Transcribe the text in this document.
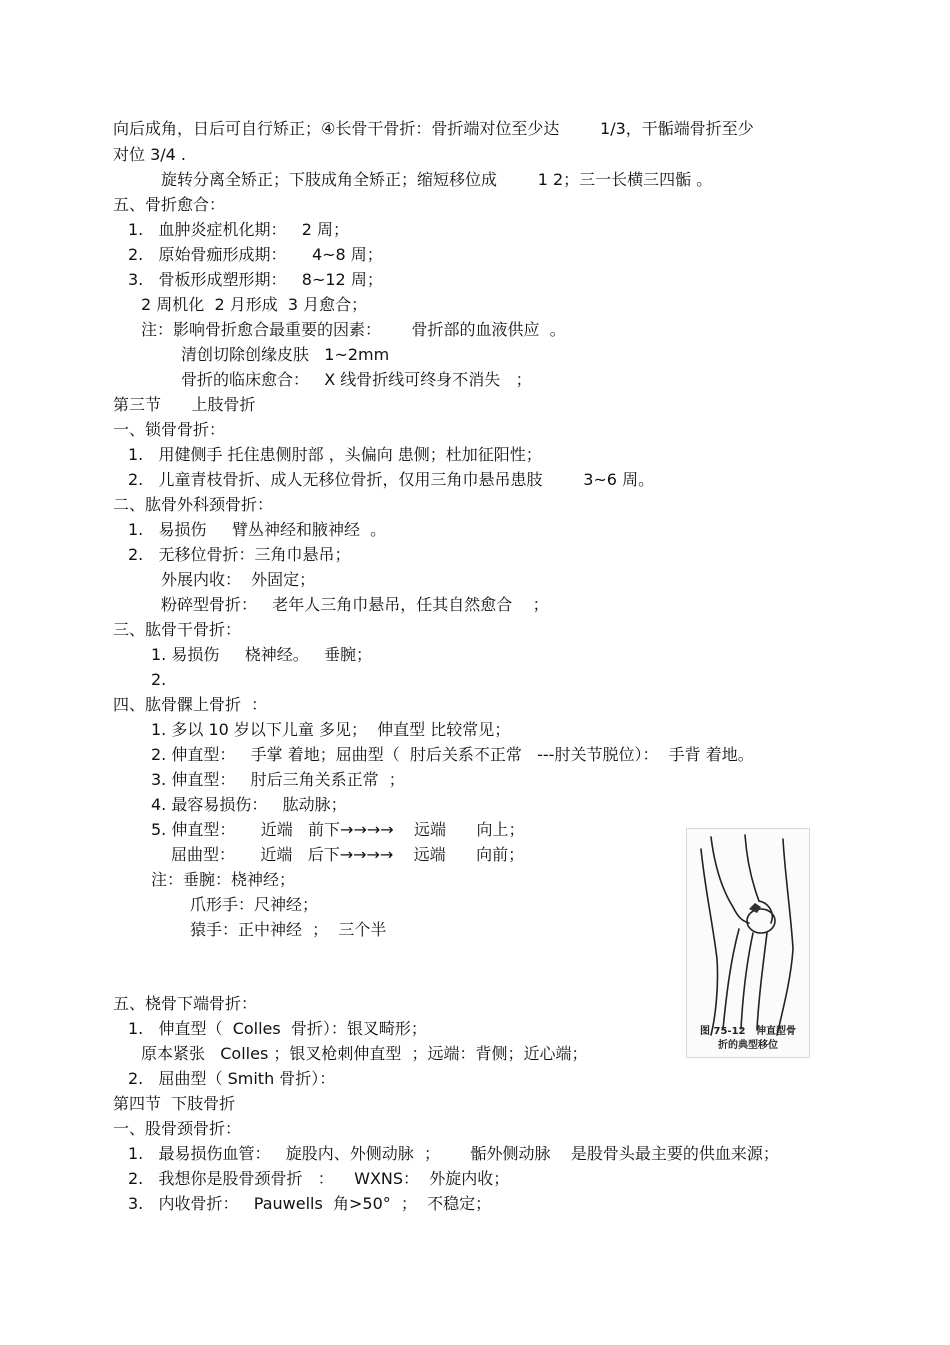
向后成角，日后可自行矫正；④长骨干骨折：骨折端对位至少达        1/3，干骺端骨折至少

对位 3/4 .

旋转分离全矫正；下肢成角全矫正；缩短移位成        1 2；三一长横三四骺 。

五、骨折愈合：

1.   血肿炎症机化期：   2 周；

2.   原始骨痂形成期：     4~8 周；

3.   骨板形成塑形期：   8~12 周；

2 周机化  2 月形成  3 月愈合；

注：影响骨折愈合最重要的因素：      骨折部的血液供应  。

清创切除创缘皮肤   1~2mm

骨折的临床愈合：   X 线骨折线可终身不消失   ；

第三节      上肢骨折

一、锁骨骨折：

1.   用健侧手 托住患侧肘部 ，头偏向 患侧；杜加征阳性；

2.   儿童青枝骨折、成人无移位骨折，仅用三角巾悬吊患肢        3~6 周。

二、肱骨外科颈骨折：

1.   易损伤     臂丛神经和腋神经  。

2.   无移位骨折：三角巾悬吊；

外展内收：  外固定；

粉碎型骨折：   老年人三角巾悬吊，任其自然愈合    ；

三、肱骨干骨折：

1. 易损伤     桡神经。   垂腕；

2.

四、肱骨髁上骨折  ：

1. 多以 10 岁以下儿童 多见；  伸直型 比较常见；

2. 伸直型：   手掌 着地；屈曲型（  肘后关系不正常   ---肘关节脱位）：  手背 着地。

3. 伸直型：   肘后三角关系正常  ；

4. 最容易损伤：   肱动脉；

5. 伸直型：     近端   前下→→→→    远端      向上；

屈曲型：     近端   后下→→→→    远端      向前；

注：垂腕：桡神经；

爪形手：尺神经；

猿手：正中神经  ；  三个半

五、桡骨下端骨折：

1.   伸直型（  Colles  骨折）：银叉畸形；

原本紧张   Colles ；银叉枪刺伸直型  ；远端：背侧；近心端；

2.   屈曲型（ Smith 骨折）：

第四节  下肢骨折

一、股骨颈骨折：

1.   最易损伤血管：   旋股内、外侧动脉  ；      骺外侧动脉    是股骨头最主要的供血来源；

2.   我想你是股骨颈骨折   ：    WXNS：  外旋内收；

3.   内收骨折：   Pauwells  角>50°  ；  不稳定；

图 75-12   伸直型骨
折的典型移位
